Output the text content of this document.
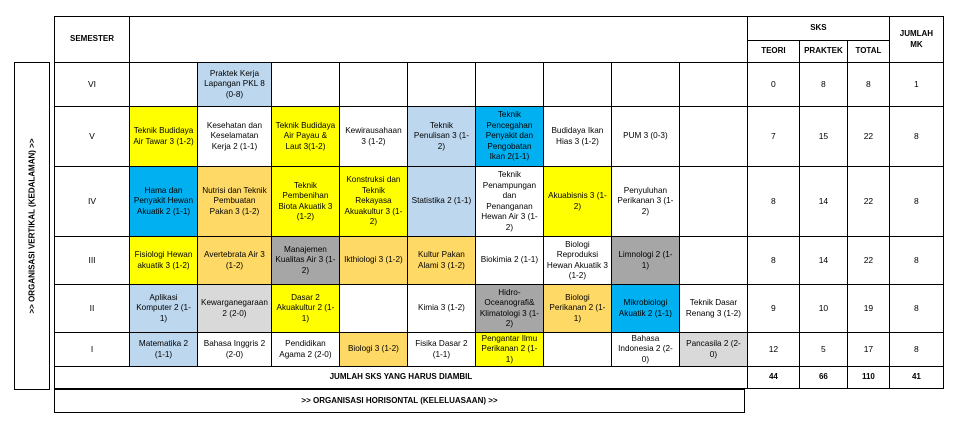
>> ORGANISASI VERTIKAL (KEDALAMAN) >>
SEMESTER										SKS			JUMLAH MK
										TEORI	PRAKTEK	TOTAL	
VI		Praktek Kerja Lapangan PKL 8 (0-8)								0	8	8	1
V	Teknik Budidaya Air Tawar 3 (1-2)	Kesehatan dan Keselamatan Kerja 2 (1-1)	Teknik Budidaya Air Payau & Laut 3(1-2)	Kewirausahaan 3 (1-2)	Teknik Penulisan 3 (1-2)	Teknik Pencegahan Penyakit dan Pengobatan Ikan 2(1-1)	Budidaya Ikan Hias 3 (1-2)	PUM 3 (0-3)		7	15	22	8
IV	Hama dan Penyakit Hewan Akuatik 2 (1-1)	Nutrisi dan Teknik Pembuatan Pakan 3 (1-2)	Teknik Pembenihan Biota Akuatik 3 (1-2)	Konstruksi dan Teknik Rekayasa Akuakultur 3 (1-2)	Statistika 2 (1-1)	Teknik Penampungan dan Penanganan Hewan Air 3 (1-2)	Akuabisnis 3 (1-2)	Penyuluhan Perikanan 3 (1-2)		8	14	22	8
III	Fisiologi Hewan akuatik 3 (1-2)	Avertebrata Air 3 (1-2)	Manajemen Kualitas Air 3 (1-2)	Ikthiologi 3 (1-2)	Kultur Pakan Alami 3 (1-2)	Biokimia 2 (1-1)	Biologi Reproduksi Hewan Akuatik 3 (1-2)	Limnologi 2 (1-1)		8	14	22	8
II	Aplikasi Komputer 2 (1-1)	Kewarganegaraan 2 (2-0)	Dasar 2 Akuakultur 2 (1-1)		Kimia 3 (1-2)	Hidro-Oceanografi& Klimatologi 3 (1-2)	Biologi Perikanan 2 (1-1)	Mikrobiologi Akuatik 2 (1-1)	Teknik Dasar Renang 3 (1-2)	9	10	19	8
I	Matematika 2 (1-1)	Bahasa Inggris 2 (2-0)	Pendidikan Agama 2 (2-0)	Biologi 3 (1-2)	Fisika Dasar 2 (1-1)	Pengantar Ilmu Perikanan 2 (1-1)		Bahasa Indonesia 2 (2-0)	Pancasila 2 (2-0)	12	5	17	8
JUMLAH SKS YANG HARUS DIAMBIL										44	66	110	41
>> ORGANISASI HORISONTAL (KELELUASAAN) >>
